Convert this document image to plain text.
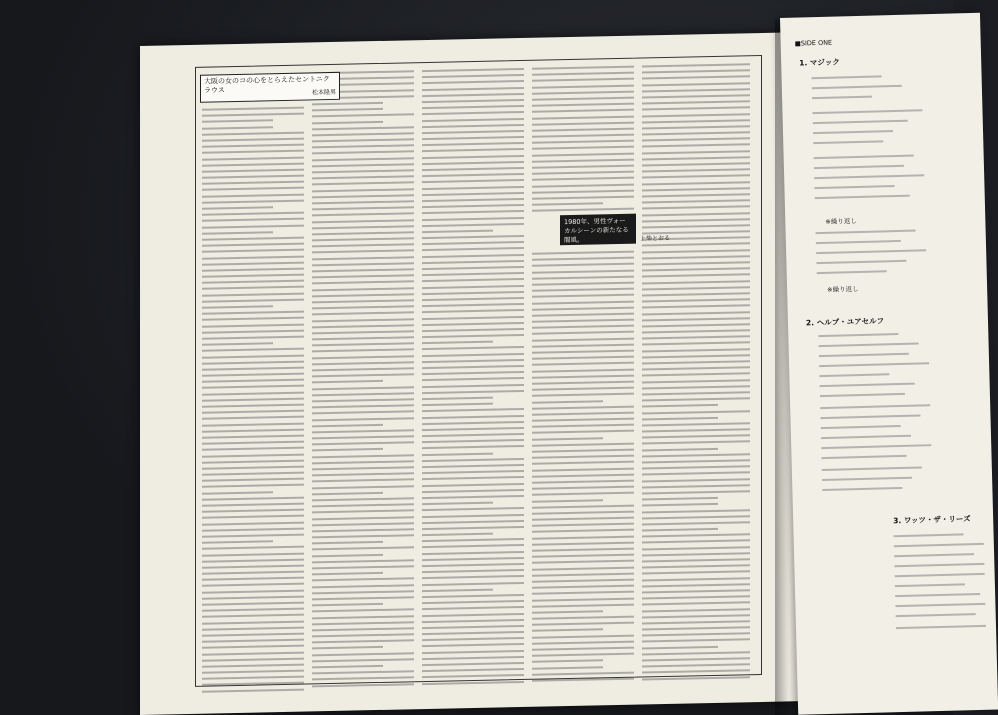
大阪の女のコの心をとらえたセントニクラウス	松本隆男
1980年、男性ヴォーカルシーンの新たなる闇風。	上柴とおる
■SIDE ONE
1. マジック
※繰り返し
※繰り返し
2. ヘルプ・ユアセルフ
3. ワッツ・ザ・リーズ
